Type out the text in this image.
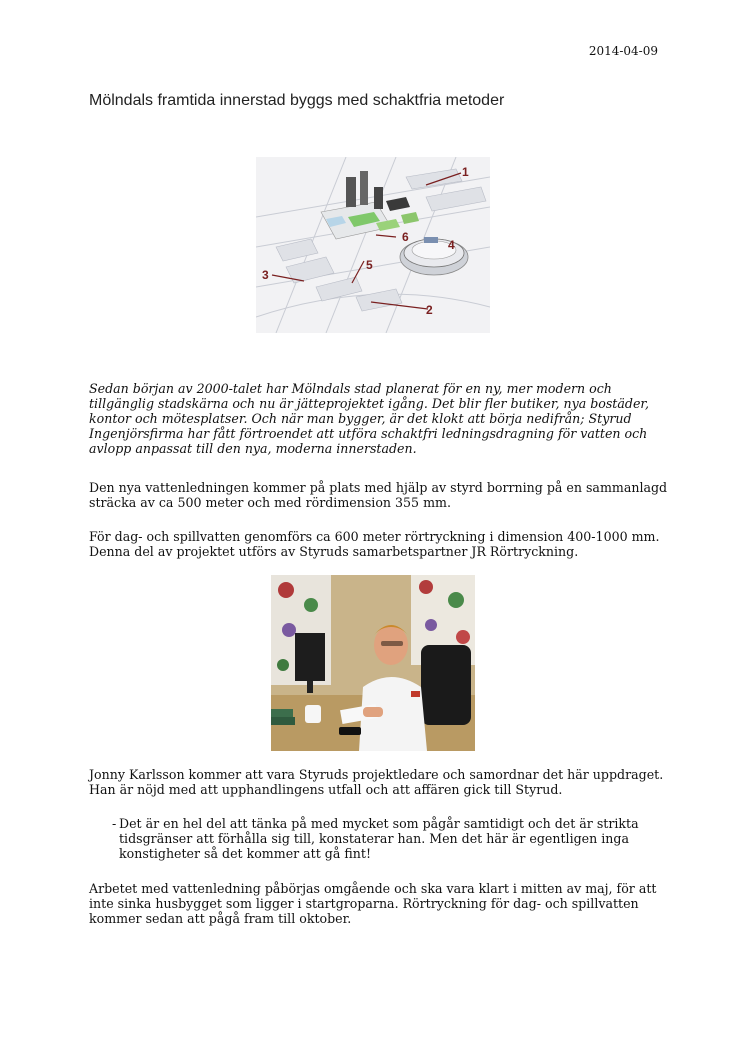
2014-04-09
Mölndals framtida innerstad byggs med schaktfria metoder
1
2
3
4
5
6
Sedan början av 2000-talet har Mölndals stad planerat för en ny, mer modern och tillgänglig stadskärna och nu är jätteprojektet igång. Det blir fler butiker, nya bostäder, kontor och mötesplatser. Och när man bygger, är det klokt att börja nedifrån; Styrud Ingenjörsfirma har fått förtroendet att utföra schaktfri ledningsdragning för vatten och avlopp anpassat till den nya, moderna innerstaden.
Den nya vattenledningen kommer på plats med hjälp av styrd borrning på en sammanlagd sträcka av ca 500 meter och med rördimension 355 mm.
För dag- och spillvatten genomförs ca 600 meter rörtryckning i dimension 400-1000 mm. Denna del av projektet utförs av Styruds samarbetspartner JR Rörtryckning.
Jonny Karlsson kommer att vara Styruds projektledare och samordnar det här uppdraget. Han är nöjd med att upphandlingens utfall och att affären gick till Styrud.
- Det är en hel del att tänka på med mycket som pågår samtidigt och det är strikta tidsgränser att förhålla sig till, konstaterar han. Men det här är egentligen inga konstigheter så det kommer att gå fint!
Arbetet med vattenledning påbörjas omgående och ska vara klart i mitten av maj, för att inte sinka husbygget som ligger i startgroparna. Rörtryckning för dag- och spillvatten kommer sedan att pågå fram till oktober.
